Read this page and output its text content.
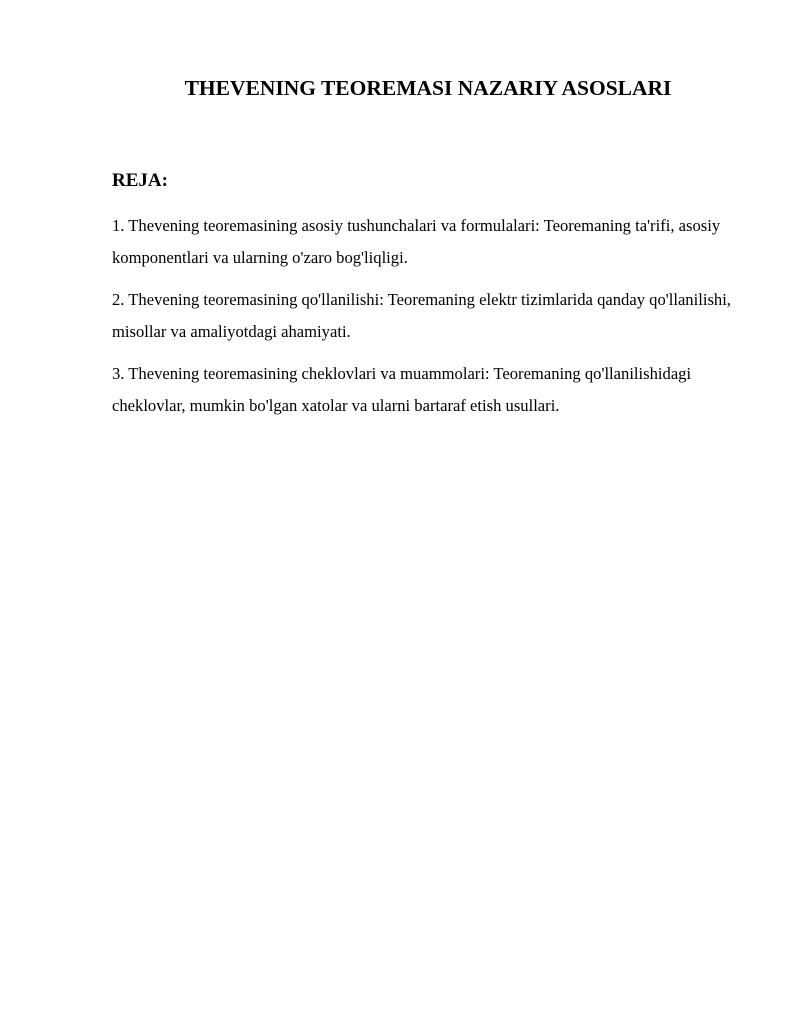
THEVENING TEOREMASI NAZARIY ASOSLARI
REJA:
1. Thevening teoremasining asosiy tushunchalari va formulalari: Teoremaning ta'rifi, asosiy komponentlari va ularning o'zaro bog'liqligi.
2. Thevening teoremasining qo'llanilishi: Teoremaning elektr tizimlarida qanday qo'llanilishi, misollar va amaliyotdagi ahamiyati.
3. Thevening teoremasining cheklovlari va muammolari: Teoremaning qo'llanilishidagi cheklovlar, mumkin bo'lgan xatolar va ularni bartaraf etish usullari.
